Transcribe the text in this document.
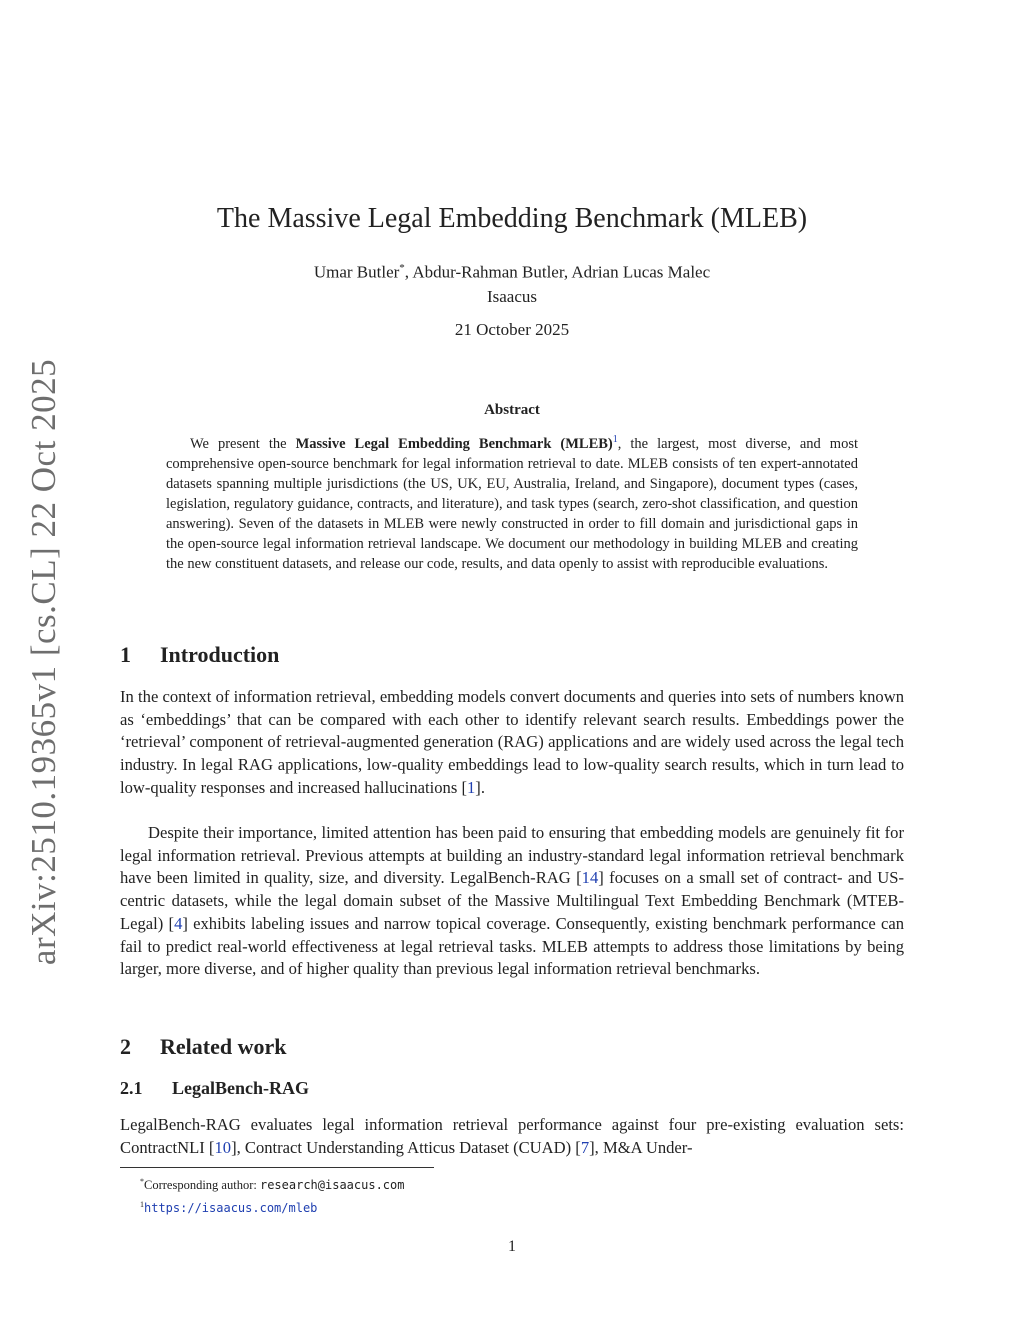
arXiv:2510.19365v1 [cs.CL] 22 Oct 2025
The Massive Legal Embedding Benchmark (MLEB)
Umar Butler*, Abdur-Rahman Butler, Adrian Lucas Malec
Isaacus
21 October 2025
Abstract

We present the Massive Legal Embedding Benchmark (MLEB)$^1$, the largest, most diverse, and most comprehensive open-source benchmark for legal information retrieval to date. MLEB consists of ten expert-annotated datasets spanning multiple jurisdictions (the US, UK, EU, Australia, Ireland, and Singapore), document types (cases, legislation, regulatory guidance, contracts, and literature), and task types (search, zero-shot classification, and question answering). Seven of the datasets in MLEB were newly constructed in order to fill domain and jurisdictional gaps in the open-source legal information retrieval landscape. We document our methodology in building MLEB and creating the new constituent datasets, and release our code, results, and data openly to assist with reproducible evaluations.

1 Introduction

In the context of information retrieval, embedding models convert documents and queries into sets of numbers known as ‘embeddings’ that can be compared with each other to identify relevant search results. Embeddings power the ‘retrieval’ component of retrieval-augmented generation (RAG) applications and are widely used across the legal tech industry. In legal RAG applications, low-quality embeddings lead to low-quality search results, which in turn lead to low-quality responses and increased hallucinations [1].

Despite their importance, limited attention has been paid to ensuring that embedding models are genuinely fit for legal information retrieval. Previous attempts at building an industry-standard legal information retrieval benchmark have been limited in quality, size, and diversity. LegalBench-RAG [14] focuses on a small set of contract- and US-centric datasets, while the legal domain subset of the Massive Multilingual Text Embedding Benchmark (MTEB-Legal) [4] exhibits labeling issues and narrow topical coverage. Consequently, existing benchmark performance can fail to predict real-world effectiveness at legal retrieval tasks. MLEB attempts to address those limitations by being larger, more diverse, and of higher quality than previous legal information retrieval benchmarks.

2 Related work
2.1 LegalBench-RAG

LegalBench-RAG evaluates legal information retrieval performance against four pre-existing evaluation sets: ContractNLI [10], Contract Understanding Atticus Dataset (CUAD) [7], M&A Under-

*Corresponding author: research@isaacus.com
$^1$https://isaacus.com/mleb
1
